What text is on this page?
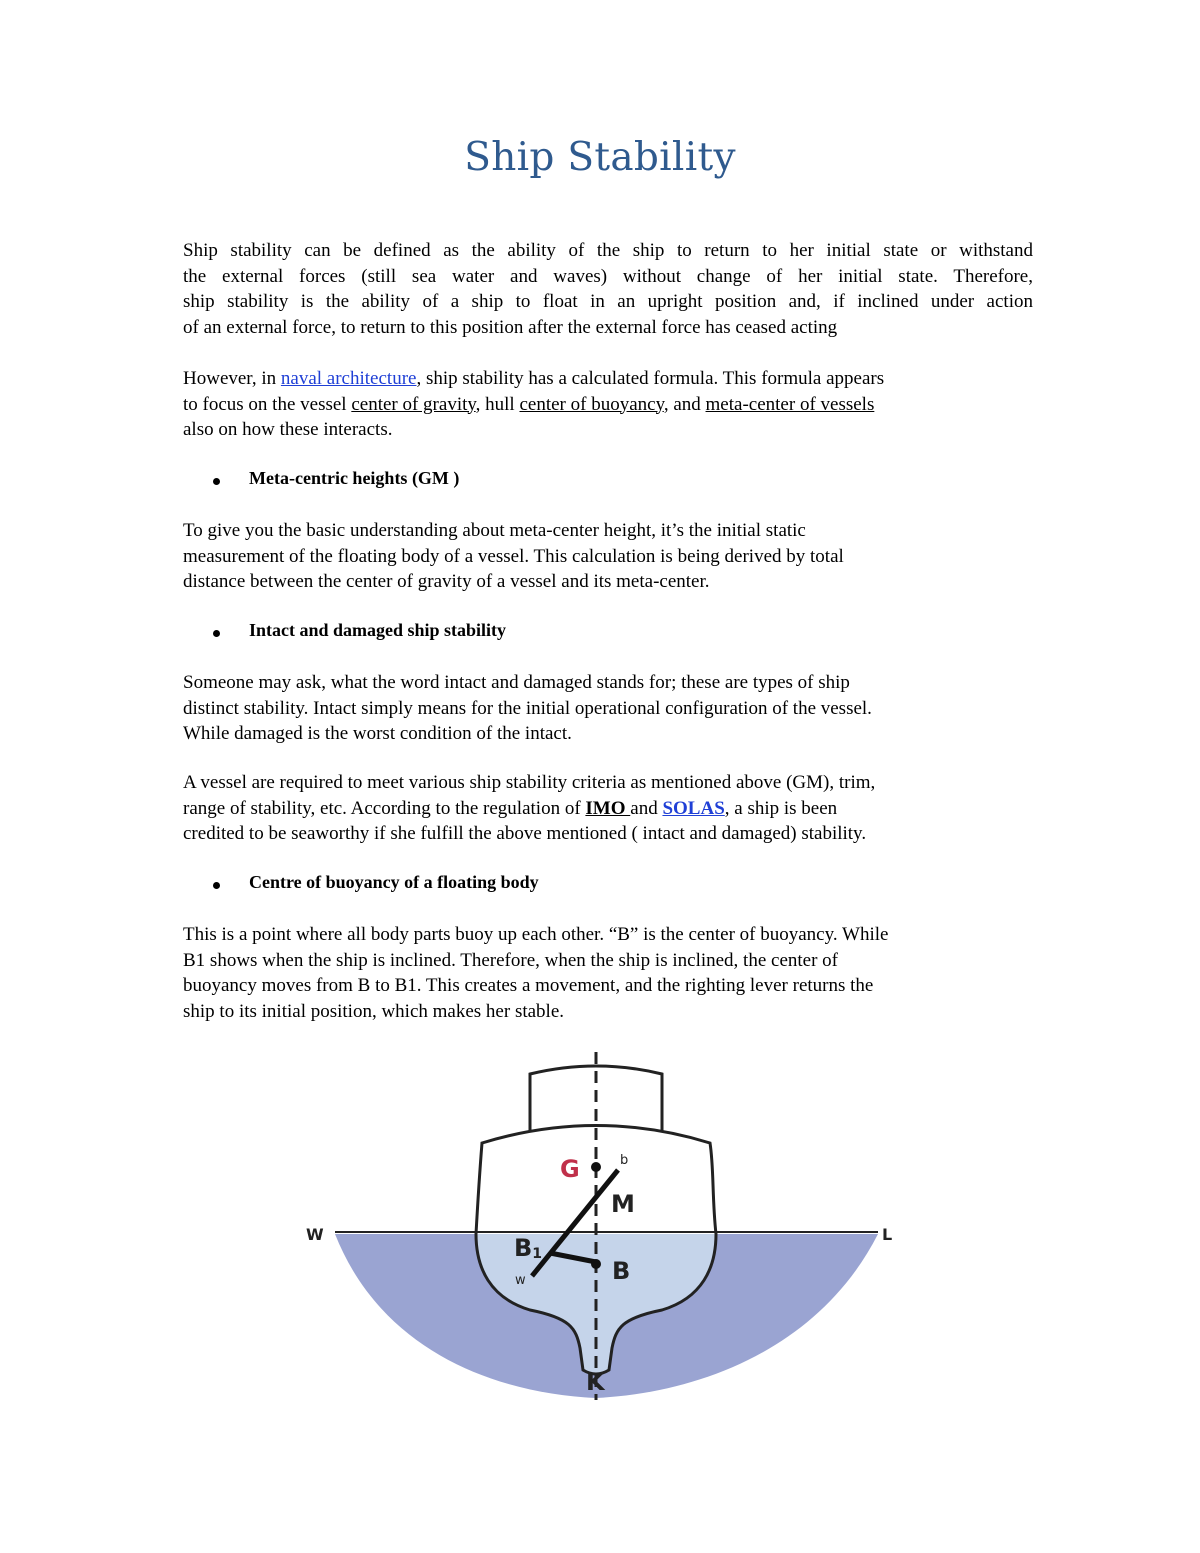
Ship Stability

Ship stability can be defined as the ability of the ship to return to her initial state or withstand
the external forces (still sea water and waves) without change of her initial state. Therefore,
ship stability is the ability of a ship to float in an upright position and, if inclined under action
of an external force, to return to this position after the external force has ceased acting

However, in naval architecture, ship stability has a calculated formula. This formula appears
to focus on the vessel center of gravity, hull center of buoyancy, and meta-center of vessels
also on how these interacts.

Meta-centric heights (GM )

To give you the basic understanding about meta-center height, it’s the initial static
measurement of the floating body of a vessel. This calculation is being derived by total
distance between the center of gravity of a vessel and its meta-center.

Intact and damaged ship stability

Someone may ask, what the word intact and damaged stands for; these are types of ship
distinct stability. Intact simply means for the initial operational configuration of the vessel.
While damaged is the worst condition of the intact.

A vessel are required to meet various ship stability criteria as mentioned above (GM), trim,
range of stability, etc. According to the regulation of IMO and SOLAS, a ship is been
credited to be seaworthy if she fulfill the above mentioned ( intact and damaged) stability.

Centre of buoyancy of a floating body

This is a point where all body parts buoy up each other. “B” is the center of buoyancy. While
B1 shows when the ship is inclined. Therefore, when the ship is inclined, the center of
buoyancy moves from B to B1. This creates a movement, and the righting lever returns the
ship to its initial position, which makes her stable.

W	L
G	b
M
B1
w	B
K
